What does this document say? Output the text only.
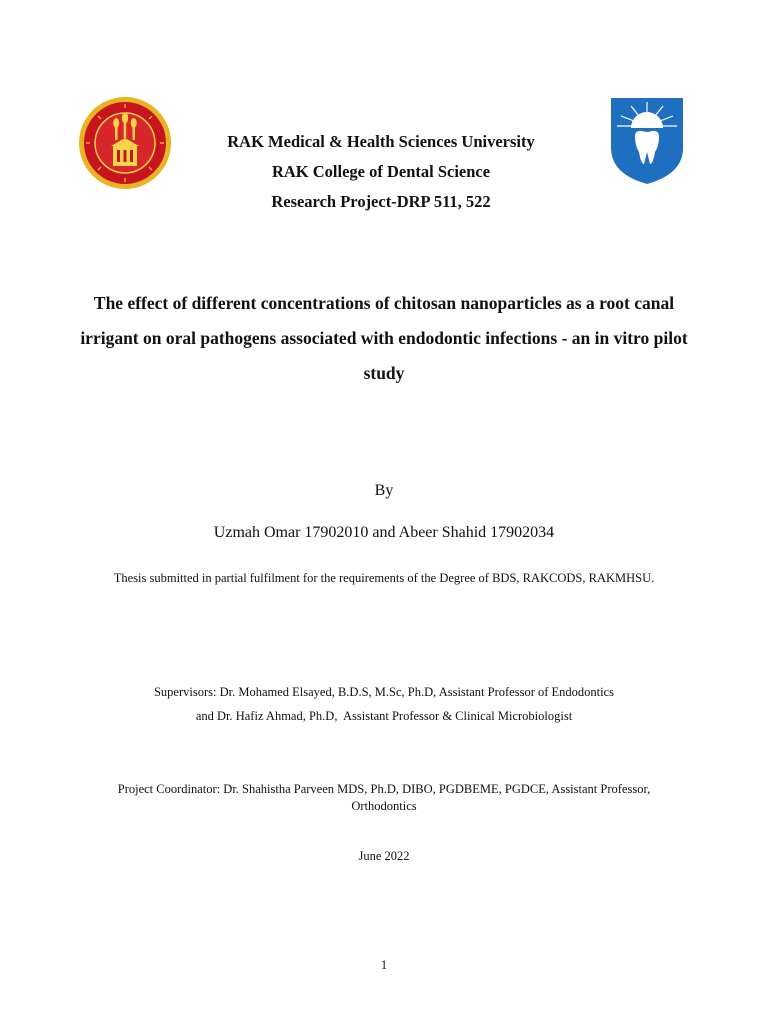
RAK Medical & Health Sciences University
RAK College of Dental Science
Research Project-DRP 511, 522
The effect of different concentrations of chitosan nanoparticles as a root canal irrigant on oral pathogens associated with endodontic infections - an in vitro pilot study
By
Uzmah Omar 17902010 and Abeer Shahid 17902034
Thesis submitted in partial fulfilment for the requirements of the Degree of BDS, RAKCODS, RAKMHSU.
Supervisors: Dr. Mohamed Elsayed, B.D.S, M.Sc, Ph.D, Assistant Professor of Endodontics
and Dr. Hafiz Ahmad, Ph.D,  Assistant Professor & Clinical Microbiologist
Project Coordinator: Dr. Shahistha Parveen MDS, Ph.D, DIBO, PGDBEME, PGDCE, Assistant Professor, Orthodontics
June 2022
1
